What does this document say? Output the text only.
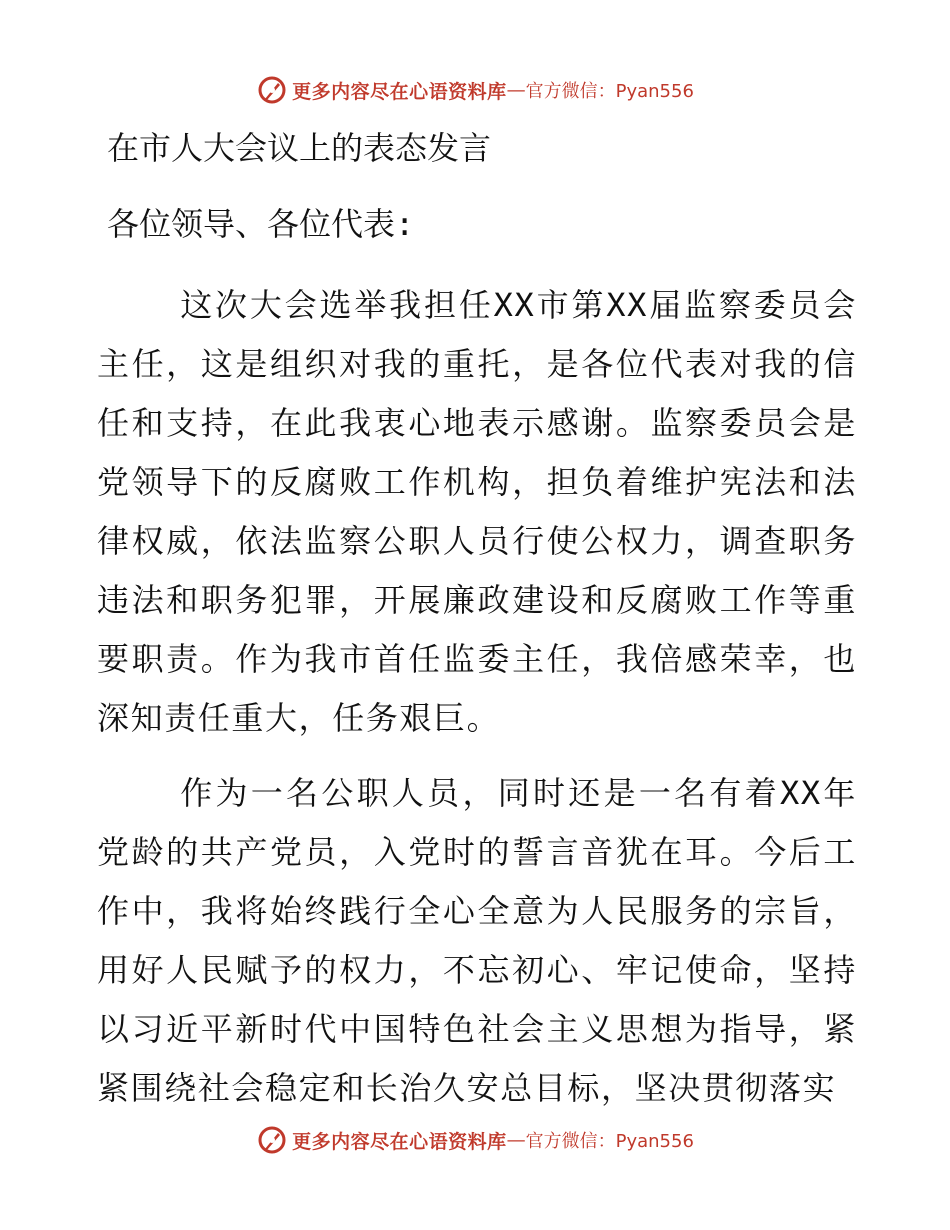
更多内容尽在心语资料库 — 官方微信：Pyan556
在市人大会议上的表态发言

各位领导、各位代表:

这次大会选举我担任XX市第XX届监察委员会主任，这是组织对我的重托，是各位代表对我的信任和支持，在此我衷心地表示感谢。监察委员会是党领导下的反腐败工作机构，担负着维护宪法和法律权威，依法监察公职人员行使公权力，调查职务违法和职务犯罪，开展廉政建设和反腐败工作等重要职责。作为我市首任监委主任，我倍感荣幸，也深知责任重大，任务艰巨。

作为一名公职人员，同时还是一名有着XX年党龄的共产党员，入党时的誓言音犹在耳。今后工作中，我将始终践行全心全意为人民服务的宗旨，用好人民赋予的权力，不忘初心、牢记使命，坚持以习近平新时代中国特色社会主义思想为指导，紧紧围绕社会稳定和长治久安总目标，坚决贯彻落实

更多内容尽在心语资料库 — 官方微信：Pyan556
